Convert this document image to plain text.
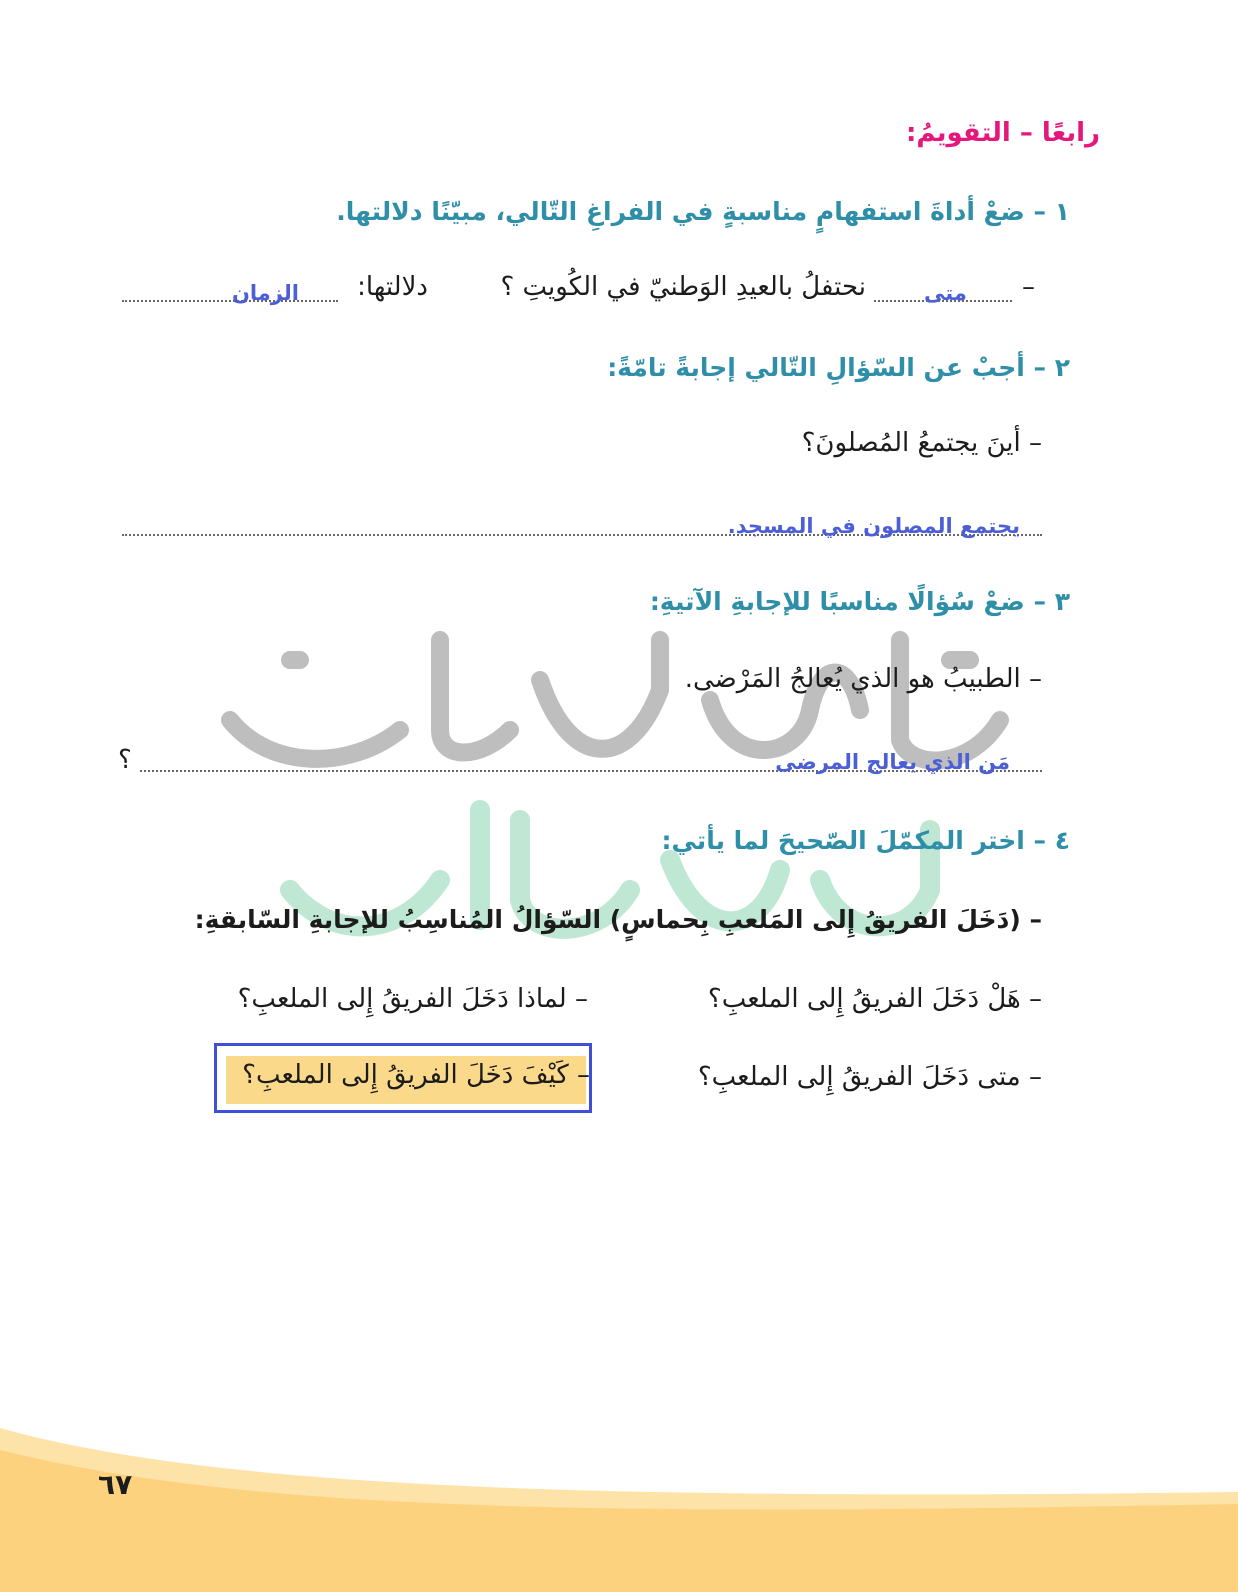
رابعًا – التقويمُ:
١ – ضعْ أداةَ استفهامٍ مناسبةٍ في الفراغِ التّالي، مبيّنًا دلالتها.
–
متى
نحتفلُ بالعيدِ الوَطنيّ في الكُويتِ ؟
دلالتها:
الزمان
٢ – أجبْ عن السّؤالِ التّالي إجابةً تامّةً:
– أينَ يجتمعُ المُصلونَ؟
يجتمع المصلون في المسجد.
٣ – ضعْ سُؤالًا مناسبًا للإجابةِ الآتيةِ:
– الطبيبُ هو الذي يُعالجُ المَرْضى.
؟	مَن الذي يعالج المرضى
٤ – اختر المكمّلَ الصّحيحَ لما يأتي:
– (دَخَلَ الفريقُ إِلى المَلعبِ بِحماسٍ) السّؤالُ المُناسِبُ للإجابةِ السّابقةِ:
– هَلْ دَخَلَ الفريقُ إِلى الملعبِ؟
– لماذا دَخَلَ الفريقُ إِلى الملعبِ؟
– متى دَخَلَ الفريقُ إِلى الملعبِ؟
– كَيْفَ دَخَلَ الفريقُ إِلى الملعبِ؟
٦٧
